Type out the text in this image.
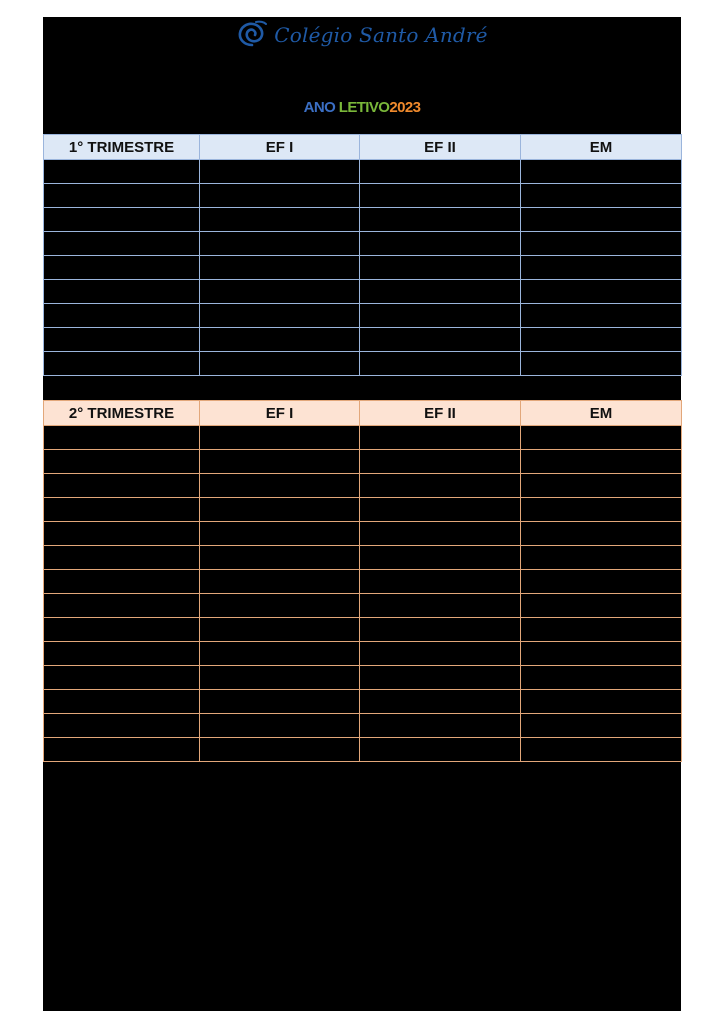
Colégio Santo André
ANO LETIVO2023
1° TRIMESTRE	EF I	EF II	EM

2° TRIMESTRE	EF I	EF II	EM
